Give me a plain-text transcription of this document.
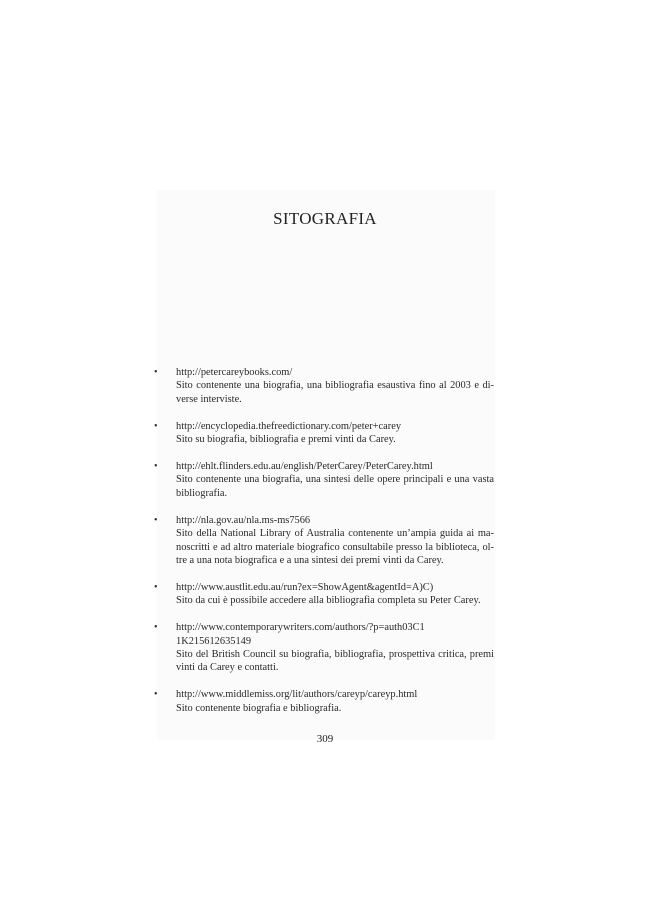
SITOGRAFIA
• http://petercareybooks.com/
Sito contenente una biografia, una bibliografia esaustiva fino al 2003 e di-verse interviste.
• http://encyclopedia.thefreedictionary.com/peter+carey
Sito su biografia, bibliografia e premi vinti da Carey.
• http://ehlt.flinders.edu.au/english/PeterCarey/PeterCarey.html
Sito contenente una biografia, una sintesi delle opere principali e una vasta bibliografia.
• http://nla.gov.au/nla.ms-ms7566
Sito della National Library of Australia contenente un’ampia guida ai ma-noscritti e ad altro materiale biografico consultabile presso la biblioteca, ol-tre a una nota biografica e a una sintesi dei premi vinti da Carey.
• http://www.austlit.edu.au/run?ex=ShowAgent&agentId=A)C)
Sito da cui è possibile accedere alla bibliografia completa su Peter Carey.
• http://www.contemporarywriters.com/authors/?p=auth03C1 1K215612635149
Sito del British Council su biografia, bibliografia, prospettiva critica, premi vinti da Carey e contatti.
• http://www.middlemiss.org/lit/authors/careyp/careyp.html
Sito contenente biografia e bibliografia.
309
